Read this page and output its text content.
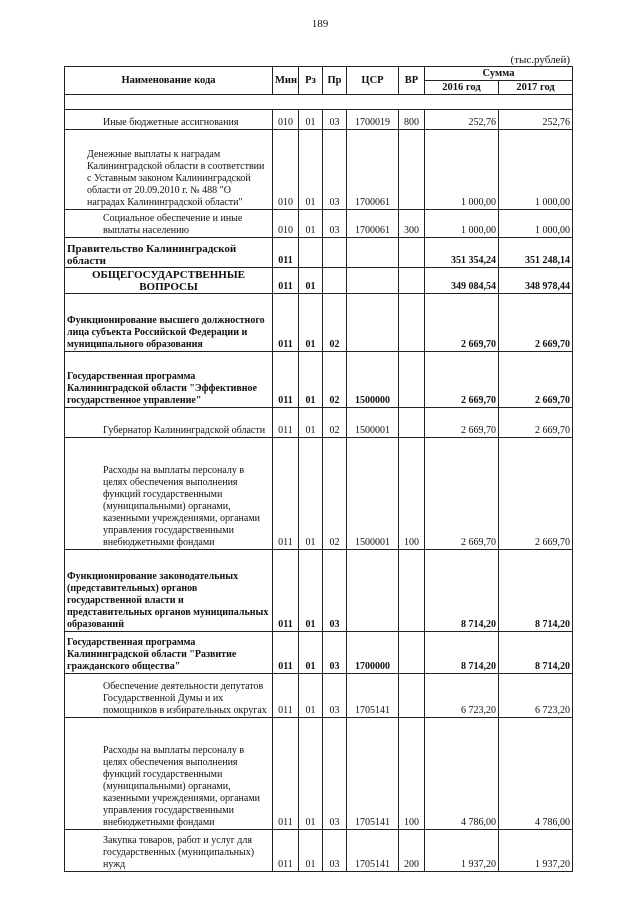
189
(тыс.рублей)
Наименование кода	Мин	Рз	Пр	ЦСР	ВР	Сумма	
						2016 год	2017 год

Иные бюджетные ассигнования	010	01	03	1700019	800	252,76	252,76
Денежные выплаты к наградам Калининградской области в соответствии с Уставным законом Калининградской области от 20.09.2010 г. № 488 "О наградах Калининградской области"	010	01	03	1700061		1 000,00	1 000,00
Социальное обеспечение и иные выплаты населению	010	01	03	1700061	300	1 000,00	1 000,00
Правительство Калининградской области	011					351 354,24	351 248,14
ОБЩЕГОСУДАРСТВЕННЫЕ ВОПРОСЫ	011	01				349 084,54	348 978,44
Функционирование высшего должностного лица субъекта Российской Федерации и муниципального образования	011	01	02			2 669,70	2 669,70
Государственная программа Калининградской области "Эффективное государственное управление"	011	01	02	1500000		2 669,70	2 669,70
Губернатор Калининградской области	011	01	02	1500001		2 669,70	2 669,70
Расходы на выплаты персоналу в целях обеспечения выполнения функций государственными (муниципальными) органами, казенными учреждениями, органами управления государственными внебюджетными фондами	011	01	02	1500001	100	2 669,70	2 669,70
Функционирование законодательных (представительных) органов государственной власти и представительных органов муниципальных образований	011	01	03			8 714,20	8 714,20
Государственная программа Калининградской области "Развитие гражданского общества"	011	01	03	1700000		8 714,20	8 714,20
Обеспечение деятельности депутатов Государственной Думы и их помощников в избирательных округах	011	01	03	1705141		6 723,20	6 723,20
Расходы на выплаты персоналу в целях обеспечения выполнения функций государственными (муниципальными) органами, казенными учреждениями, органами управления государственными внебюджетными фондами	011	01	03	1705141	100	4 786,00	4 786,00
Закупка товаров, работ и услуг для государственных (муниципальных) нужд	011	01	03	1705141	200	1 937,20	1 937,20
